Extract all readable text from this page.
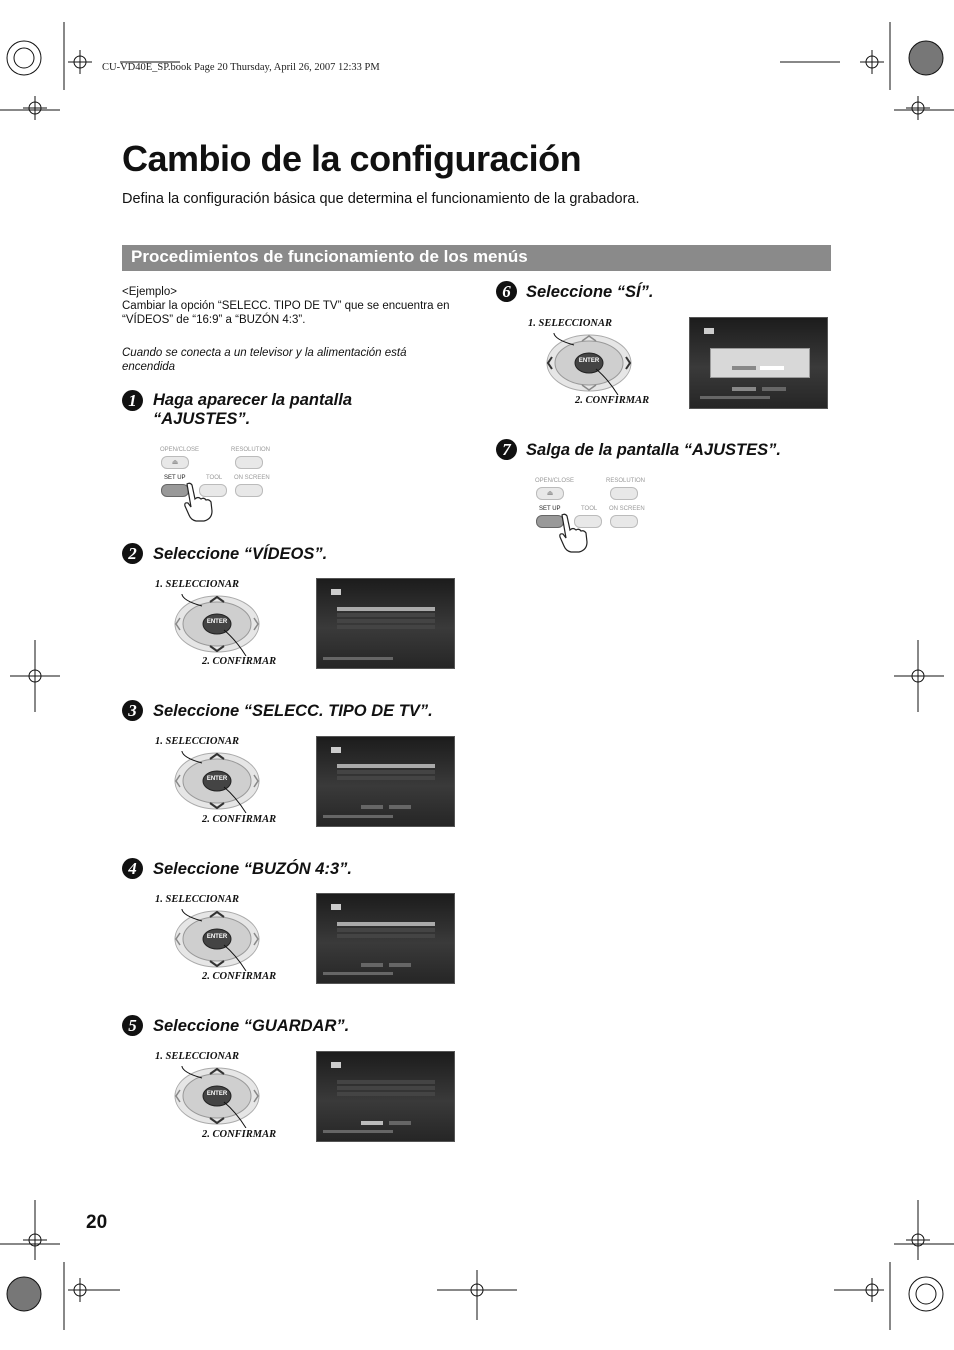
CU-VD40E_SP.book Page 20 Thursday, April 26, 2007 12:33 PM
Cambio de la configuración
Defina la configuración básica que determina el funcionamiento de la grabadora.
Procedimientos de funcionamiento de los menús
<Ejemplo>
Cambiar la opción “SELECC. TIPO DE TV” que se encuentra en “VÍDEOS” de “16:9” a “BUZÓN 4:3”.
Cuando se conecta a un televisor y la alimentación está encendida
1 Haga aparecer la pantalla “AJUSTES”.
OPEN/CLOSE	RESOLUTION
⏏
SET UP	TOOL ON SCREEN
2 Seleccione “VÍDEOS”.
1. SELECCIONAR
ENTER
2. CONFIRMAR
3 Seleccione “SELECC. TIPO DE TV”.
1. SELECCIONAR
ENTER
2. CONFIRMAR
4 Seleccione “BUZÓN 4:3”.
1. SELECCIONAR
ENTER
2. CONFIRMAR
5 Seleccione “GUARDAR”.
1. SELECCIONAR
ENTER
2. CONFIRMAR
6 Seleccione “SÍ”.
1. SELECCIONAR
ENTER
2. CONFIRMAR
7 Salga de la pantalla “AJUSTES”.
OPEN/CLOSE	RESOLUTION
⏏
SET UP	TOOL ON SCREEN
20
